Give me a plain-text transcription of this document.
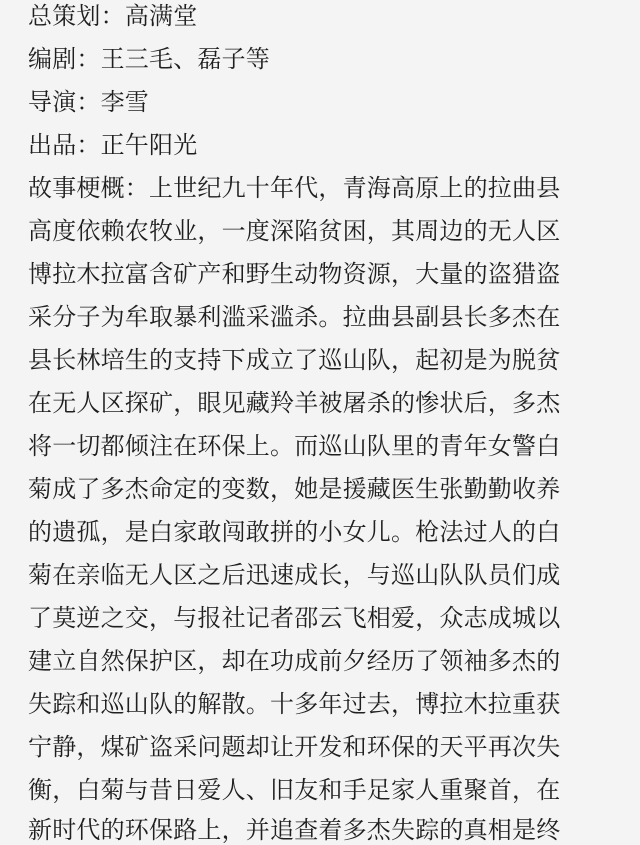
总策划：高满堂
编剧：王三毛、磊子等
导演：李雪
出品：正午阳光
故事梗概：上世纪九十年代，青海高原上的拉曲县
高度依赖农牧业，一度深陷贫困，其周边的无人区
博拉木拉富含矿产和野生动物资源，大量的盗猎盗
采分子为牟取暴利滥采滥杀。拉曲县副县长多杰在
县长林培生的支持下成立了巡山队，起初是为脱贫
在无人区探矿，眼见藏羚羊被屠杀的惨状后，多杰
将一切都倾注在环保上。而巡山队里的青年女警白
菊成了多杰命定的变数，她是援藏医生张勤勤收养
的遗孤，是白家敢闯敢拼的小女儿。枪法过人的白
菊在亲临无人区之后迅速成长，与巡山队队员们成
了莫逆之交，与报社记者邵云飞相爱，众志成城以
建立自然保护区，却在功成前夕经历了领袖多杰的
失踪和巡山队的解散。十多年过去，博拉木拉重获
宁静，煤矿盗采问题却让开发和环保的天平再次失
衡，白菊与昔日爱人、旧友和手足家人重聚首，在
新时代的环保路上，并追查着多杰失踪的真相是终
